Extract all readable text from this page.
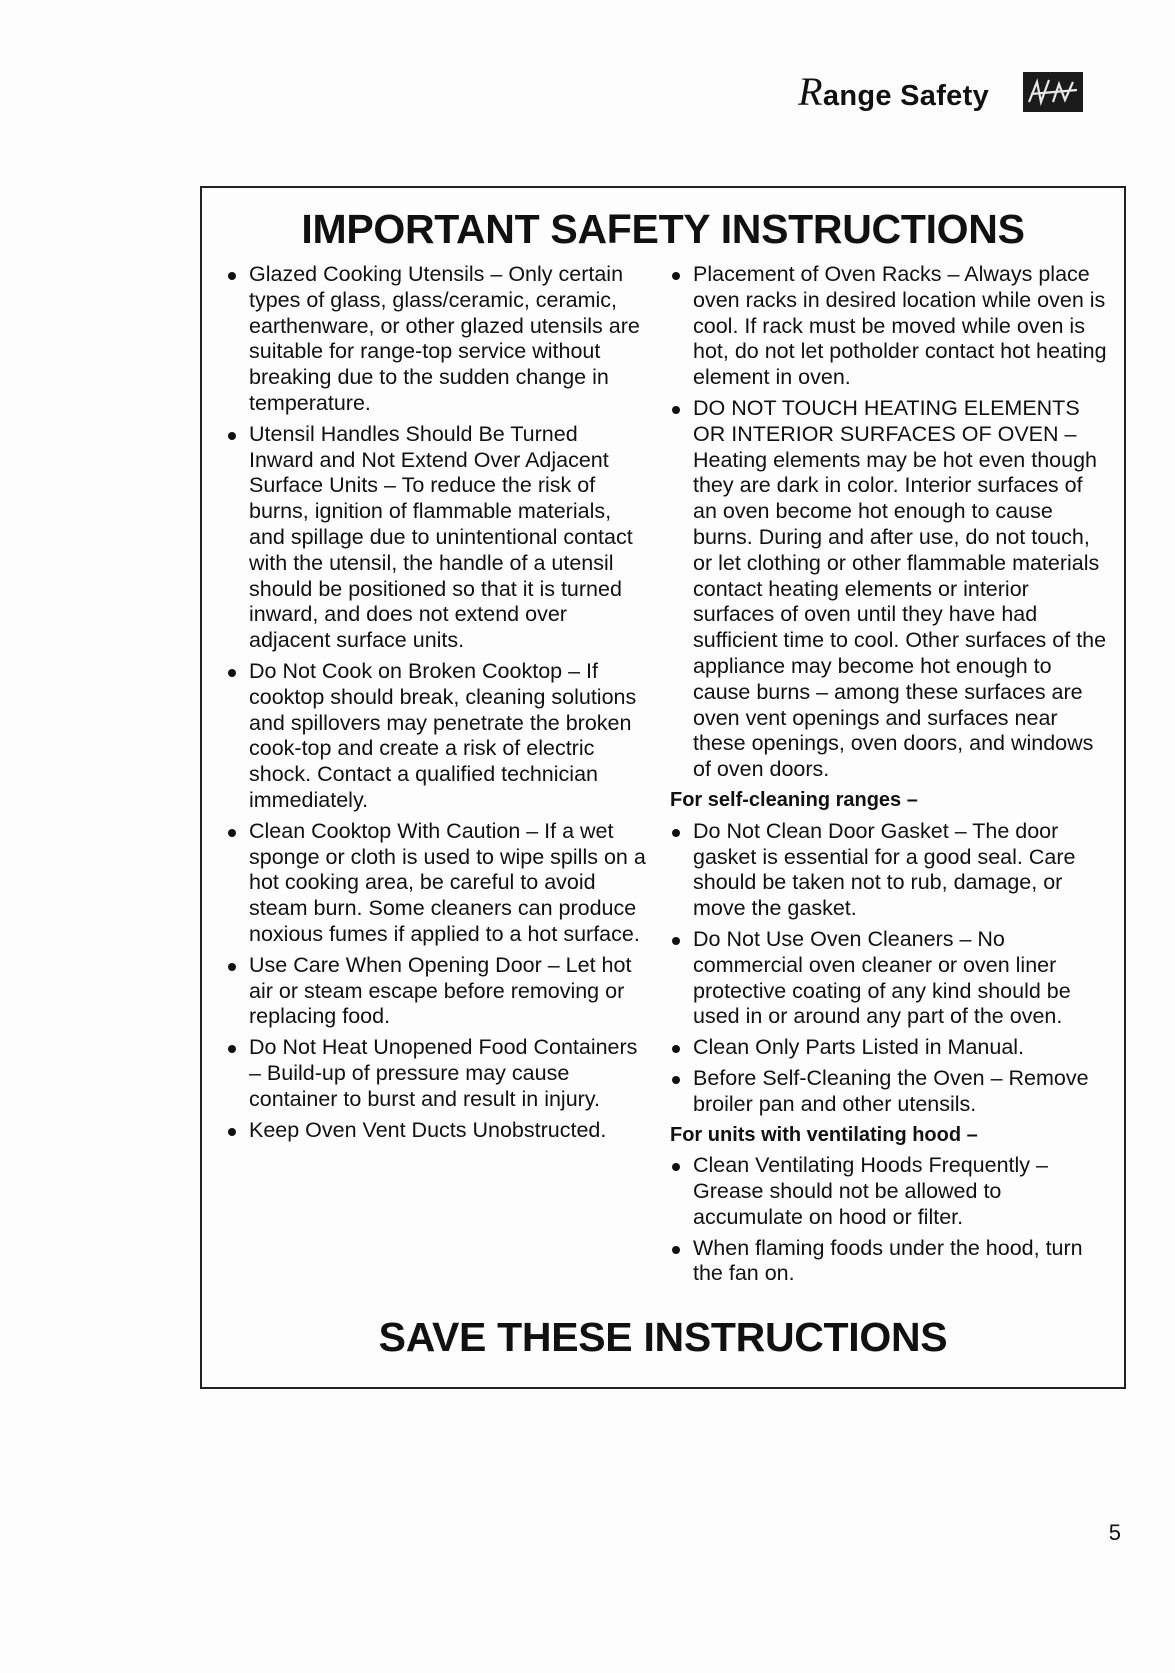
Range Safety
IMPORTANT SAFETY INSTRUCTIONS
Glazed Cooking Utensils – Only certain types of glass, glass/ceramic, ceramic, earthenware, or other glazed utensils are suitable for range-top service without breaking due to the sudden change in temperature.
Utensil Handles Should Be Turned Inward and Not Extend Over Adjacent Surface Units – To reduce the risk of burns, ignition of flammable materials, and spillage due to unintentional contact with the utensil, the handle of a utensil should be positioned so that it is turned inward, and does not extend over adjacent surface units.
Do Not Cook on Broken Cooktop – If cooktop should break, cleaning solutions and spillovers may penetrate the broken cook-top and create a risk of electric shock. Contact a qualified technician immediately.
Clean Cooktop With Caution – If a wet sponge or cloth is used to wipe spills on a hot cooking area, be careful to avoid steam burn. Some cleaners can produce noxious fumes if applied to a hot surface.
Use Care When Opening Door – Let hot air or steam escape before removing or replacing food.
Do Not Heat Unopened Food Containers – Build-up of pressure may cause container to burst and result in injury.
Keep Oven Vent Ducts Unobstructed.
Placement of Oven Racks – Always place oven racks in desired location while oven is cool. If rack must be moved while oven is hot, do not let potholder contact hot heating element in oven.
DO NOT TOUCH HEATING ELEMENTS OR INTERIOR SURFACES OF OVEN – Heating elements may be hot even though they are dark in color. Interior surfaces of an oven become hot enough to cause burns. During and after use, do not touch, or let clothing or other flammable materials contact heating elements or interior surfaces of oven until they have had sufficient time to cool. Other surfaces of the appliance may become hot enough to cause burns – among these surfaces are oven vent openings and surfaces near these openings, oven doors, and windows of oven doors.
For self-cleaning ranges –
Do Not Clean Door Gasket – The door gasket is essential for a good seal. Care should be taken not to rub, damage, or move the gasket.
Do Not Use Oven Cleaners – No commercial oven cleaner or oven liner protective coating of any kind should be used in or around any part of the oven.
Clean Only Parts Listed in Manual.
Before Self-Cleaning the Oven – Remove broiler pan and other utensils.
For units with ventilating hood –
Clean Ventilating Hoods Frequently – Grease should not be allowed to accumulate on hood or filter.
When flaming foods under the hood, turn the fan on.
SAVE THESE INSTRUCTIONS
5
